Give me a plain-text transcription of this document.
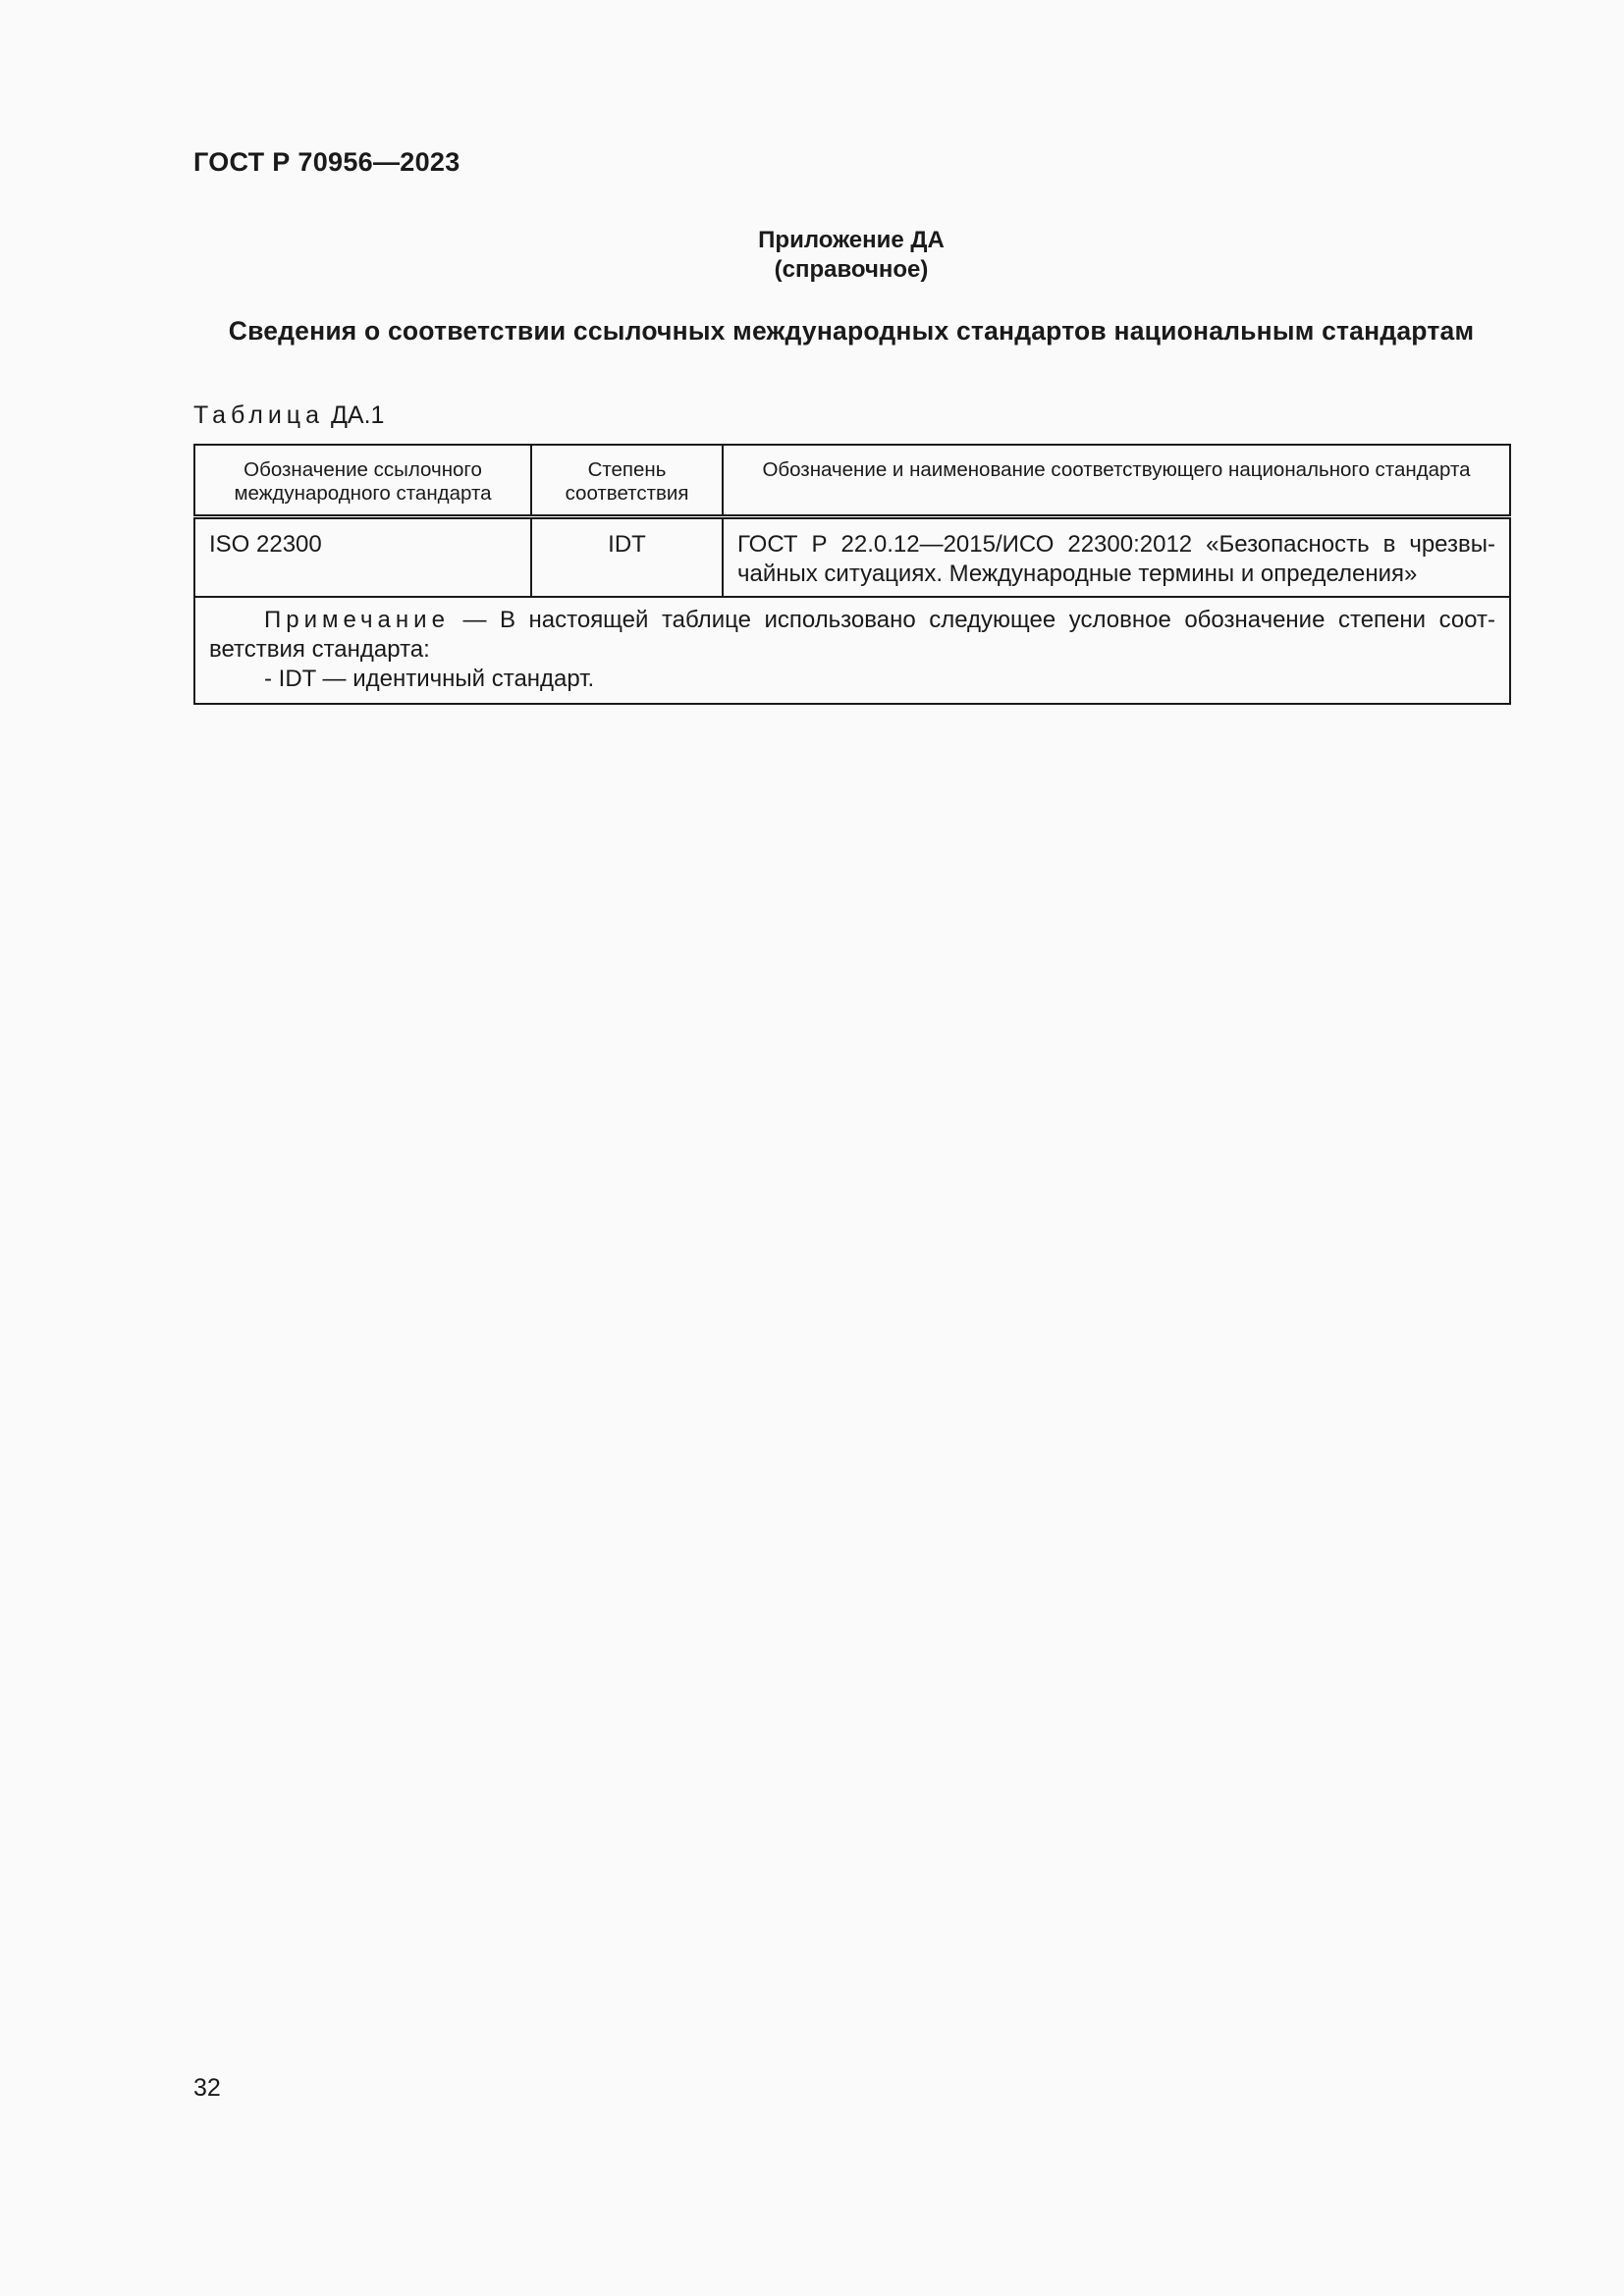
ГОСТ Р 70956—2023
Приложение ДА
(справочное)
Сведения о соответствии ссылочных международных стандартов национальным стандартам
Таблица ДА.1
Обозначение ссылочного международного стандарта	Степень соответствия	Обозначение и наименование соответствующего национального стандарта
ISO 22300	IDT	ГОСТ Р 22.0.12—2015/ИСО 22300:2012 «Безопасность в чрезвычайных ситуациях. Международные термины и определения»

Примечание — В настоящей таблице использовано следующее условное обозначение степени соответствия стандарта:
- IDT — идентичный стандарт.		
32
